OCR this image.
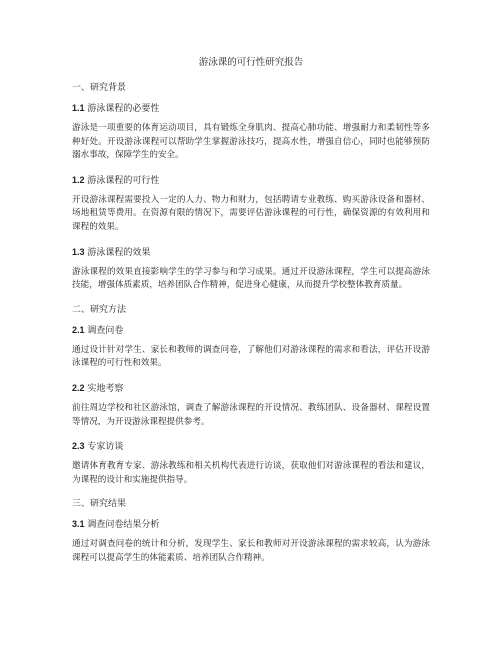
游泳课的可行性研究报告
一、研究背景
1.1 游泳课程的必要性
游泳是一项重要的体育运动项目，具有锻炼全身肌肉、提高心肺功能、增强耐力和柔韧性等多种好处。开设游泳课程可以帮助学生掌握游泳技巧，提高水性，增强自信心，同时也能够预防溺水事故，保障学生的安全。
1.2 游泳课程的可行性
开设游泳课程需要投入一定的人力、物力和财力，包括聘请专业教练、购买游泳设备和器材、场地租赁等费用。在资源有限的情况下，需要评估游泳课程的可行性，确保资源的有效利用和课程的效果。
1.3 游泳课程的效果
游泳课程的效果直接影响学生的学习参与和学习成果。通过开设游泳课程，学生可以提高游泳技能，增强体质素质，培养团队合作精神，促进身心健康，从而提升学校整体教育质量。
二、研究方法
2.1 调查问卷
通过设计针对学生、家长和教师的调查问卷，了解他们对游泳课程的需求和看法，评估开设游泳课程的可行性和效果。
2.2 实地考察
前往周边学校和社区游泳馆，调查了解游泳课程的开设情况、教练团队、设备器材、课程设置等情况，为开设游泳课程提供参考。
2.3 专家访谈
邀请体育教育专家、游泳教练和相关机构代表进行访谈，获取他们对游泳课程的看法和建议，为课程的设计和实施提供指导。
三、研究结果
3.1 调查问卷结果分析
通过对调查问卷的统计和分析，发现学生、家长和教师对开设游泳课程的需求较高，认为游泳课程可以提高学生的体能素质、培养团队合作精神。
